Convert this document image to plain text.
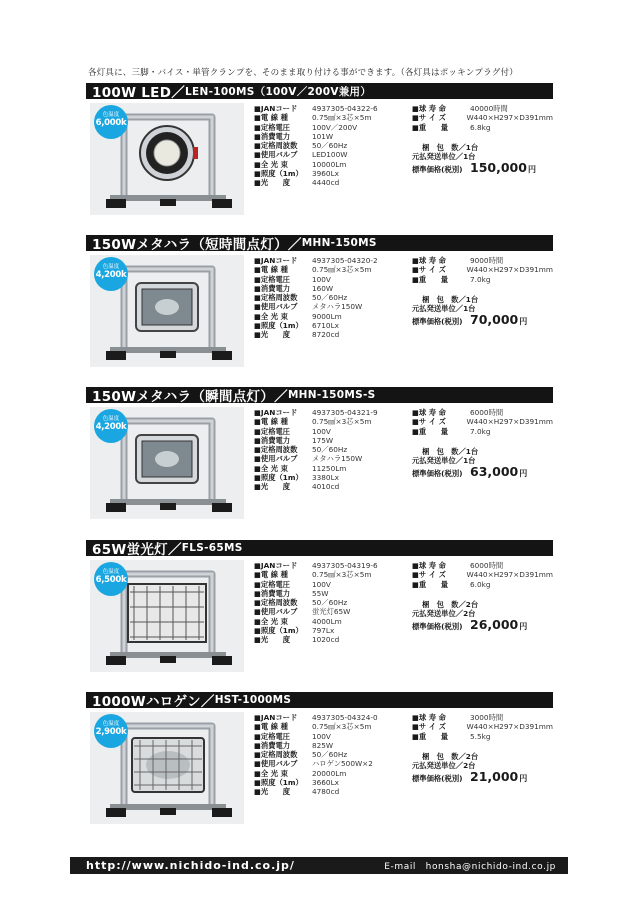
各灯具に、三脚・バイス・単管クランプを、そのまま取り付ける事ができます。（各灯具はポッキンプラグ付）
100W LED／ LEN-100MS（100V／200V兼用）
色温度
6,000k
■JANコード	4937305-04322-6
■電 線 種	0.75㎟×3芯×5m
■定格電圧	100V／200V
■消費電力	101W
■定格周波数	50／60Hz
■使用バルブ	LED100W
■全 光 束	10000Lm
■照度（1m）	3960Lx
■光　　度	4440cd
■球 寿 命	40000時間
■サ イ ズ	W440×H297×D391mm
■重　　量	6.8kg
梱　包　数／1台
元払発送単位／1台
標準価格(税別) 150,000 円
150Wメタハラ（短時間点灯）／ MHN-150MS
色温度
4,200k
■JANコード	4937305-04320-2
■電 線 種	0.75㎟×3芯×5m
■定格電圧	100V
■消費電力	160W
■定格周波数	50／60Hz
■使用バルブ	メタハラ150W
■全 光 束	9000Lm
■照度（1m）	6710Lx
■光　　度	8720cd
■球 寿 命	9000時間
■サ イ ズ	W440×H297×D391mm
■重　　量	7.0kg
梱　包　数／1台
元払発送単位／1台
標準価格(税別) 70,000 円
150Wメタハラ（瞬間点灯）／ MHN-150MS-S
色温度
4,200k
■JANコード	4937305-04321-9
■電 線 種	0.75㎟×3芯×5m
■定格電圧	100V
■消費電力	175W
■定格周波数	50／60Hz
■使用バルブ	メタハラ150W
■全 光 束	11250Lm
■照度（1m）	3380Lx
■光　　度	4010cd
■球 寿 命	6000時間
■サ イ ズ	W440×H297×D391mm
■重　　量	7.0kg
梱　包　数／1台
元払発送単位／1台
標準価格(税別) 63,000 円
65W蛍光灯／ FLS-65MS
色温度
6,500k
■JANコード	4937305-04319-6
■電 線 種	0.75㎟×3芯×5m
■定格電圧	100V
■消費電力	55W
■定格周波数	50／60Hz
■使用バルブ	蛍光灯65W
■全 光 束	4000Lm
■照度（1m）	797Lx
■光　　度	1020cd
■球 寿 命	6000時間
■サ イ ズ	W440×H297×D391mm
■重　　量	6.0kg
梱　包　数／2台
元払発送単位／2台
標準価格(税別) 26,000 円
1000Wハロゲン／ HST-1000MS
色温度
2,900k
■JANコード	4937305-04324-0
■電 線 種	0.75㎟×3芯×5m
■定格電圧	100V
■消費電力	825W
■定格周波数	50／60Hz
■使用バルブ	ハロゲン500W×2
■全 光 束	20000Lm
■照度（1m）	3660Lx
■光　　度	4780cd
■球 寿 命	3000時間
■サ イ ズ	W440×H297×D391mm
■重　　量	5.5kg
梱　包　数／2台
元払発送単位／2台
標準価格(税別) 21,000 円
http://www.nichido-ind.co.jp/	E-mail　honsha@nichido-ind.co.jp
